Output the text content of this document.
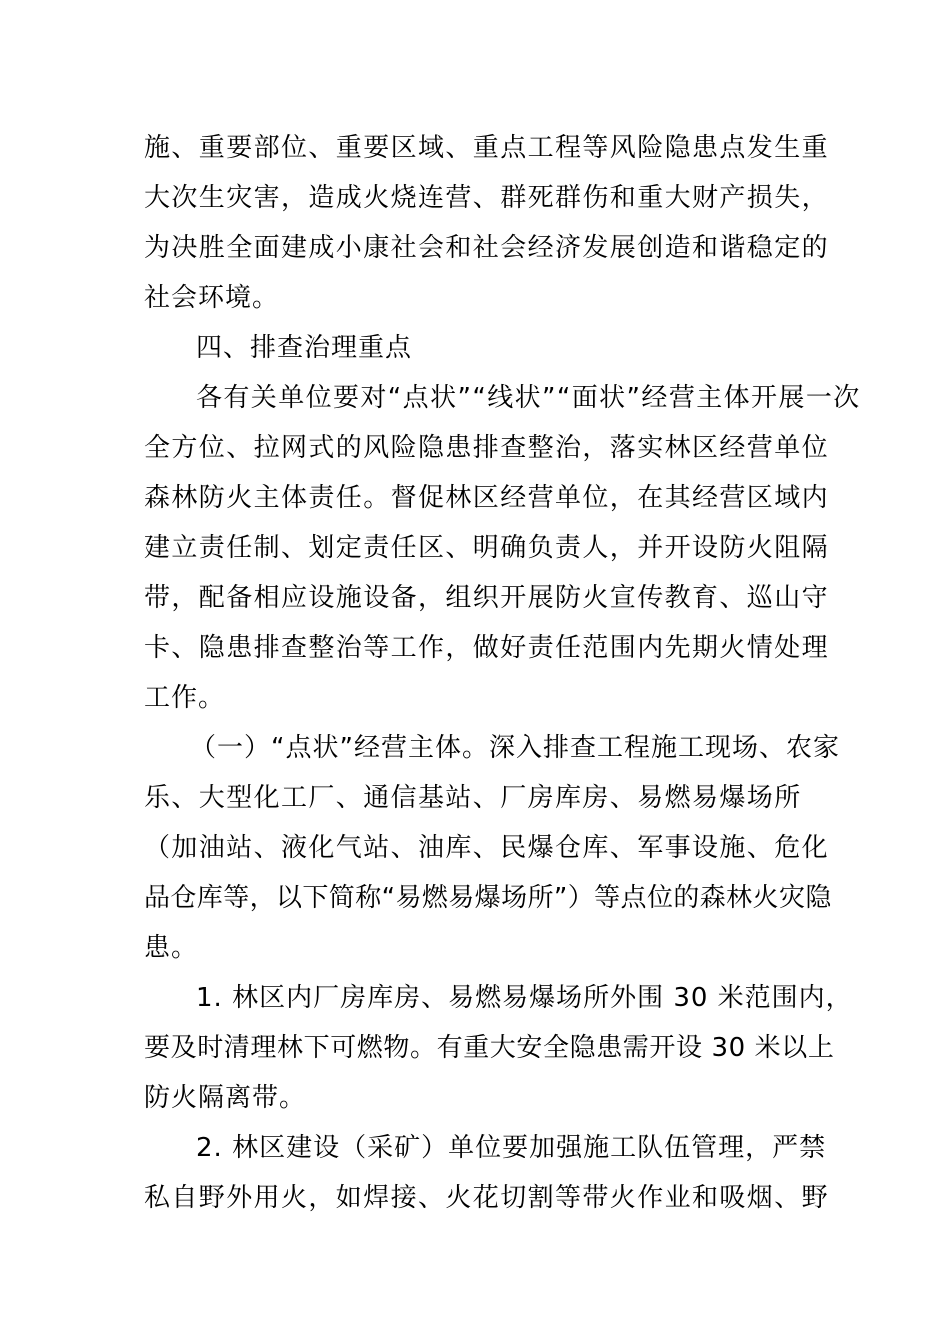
施、重要部位、重要区域、重点工程等风险隐患点发生重
大次生灾害，造成火烧连营、群死群伤和重大财产损失，
为决胜全面建成小康社会和社会经济发展创造和谐稳定的
社会环境。
四、排查治理重点
各有关单位要对“点状”“线状”“面状”经营主体开展一次
全方位、拉网式的风险隐患排查整治，落实林区经营单位
森林防火主体责任。督促林区经营单位，在其经营区域内
建立责任制、划定责任区、明确负责人，并开设防火阻隔
带，配备相应设施设备，组织开展防火宣传教育、巡山守
卡、隐患排查整治等工作，做好责任范围内先期火情处理
工作。
（一）“点状”经营主体。深入排查工程施工现场、农家
乐、大型化工厂、通信基站、厂房库房、易燃易爆场所
（加油站、液化气站、油库、民爆仓库、军事设施、危化
品仓库等，以下简称“易燃易爆场所”）等点位的森林火灾隐
患。
1. 林区内厂房库房、易燃易爆场所外围 30 米范围内，
要及时清理林下可燃物。有重大安全隐患需开设 30 米以上
防火隔离带。
2. 林区建设（采矿）单位要加强施工队伍管理，严禁
私自野外用火，如焊接、火花切割等带火作业和吸烟、野
